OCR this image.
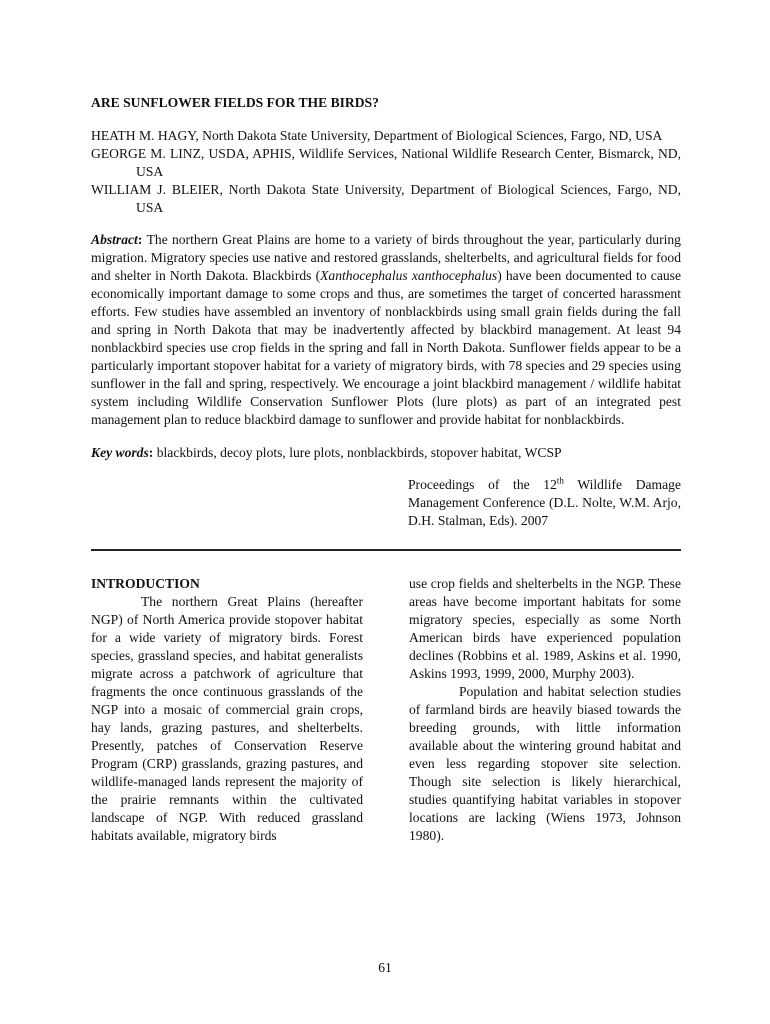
ARE SUNFLOWER FIELDS FOR THE BIRDS?
HEATH M. HAGY, North Dakota State University, Department of Biological Sciences, Fargo, ND, USA
GEORGE M. LINZ, USDA, APHIS, Wildlife Services, National Wildlife Research Center, Bismarck, ND, USA
WILLIAM J. BLEIER, North Dakota State University, Department of Biological Sciences, Fargo, ND, USA
Abstract: The northern Great Plains are home to a variety of birds throughout the year, particularly during migration. Migratory species use native and restored grasslands, shelterbelts, and agricultural fields for food and shelter in North Dakota. Blackbirds (Xanthocephalus xanthocephalus) have been documented to cause economically important damage to some crops and thus, are sometimes the target of concerted harassment efforts. Few studies have assembled an inventory of nonblackbirds using small grain fields during the fall and spring in North Dakota that may be inadvertently affected by blackbird management. At least 94 nonblackbird species use crop fields in the spring and fall in North Dakota. Sunflower fields appear to be a particularly important stopover habitat for a variety of migratory birds, with 78 species and 29 species using sunflower in the fall and spring, respectively. We encourage a joint blackbird management / wildlife habitat system including Wildlife Conservation Sunflower Plots (lure plots) as part of an integrated pest management plan to reduce blackbird damage to sunflower and provide habitat for nonblackbirds.
Key words: blackbirds, decoy plots, lure plots, nonblackbirds, stopover habitat, WCSP
Proceedings of the 12th Wildlife Damage Management Conference (D.L. Nolte, W.M. Arjo, D.H. Stalman, Eds). 2007
INTRODUCTION
The northern Great Plains (hereafter NGP) of North America provide stopover habitat for a wide variety of migratory birds. Forest species, grassland species, and habitat generalists migrate across a patchwork of agriculture that fragments the once continuous grasslands of the NGP into a mosaic of commercial grain crops, hay lands, grazing pastures, and shelterbelts. Presently, patches of Conservation Reserve Program (CRP) grasslands, grazing pastures, and wildlife-managed lands represent the majority of the prairie remnants within the cultivated landscape of NGP. With reduced grassland habitats available, migratory birds
use crop fields and shelterbelts in the NGP. These areas have become important habitats for some migratory species, especially as some North American birds have experienced population declines (Robbins et al. 1989, Askins et al. 1990, Askins 1993, 1999, 2000, Murphy 2003).
Population and habitat selection studies of farmland birds are heavily biased towards the breeding grounds, with little information available about the wintering ground habitat and even less regarding stopover site selection. Though site selection is likely hierarchical, studies quantifying habitat variables in stopover locations are lacking (Wiens 1973, Johnson 1980).
61
